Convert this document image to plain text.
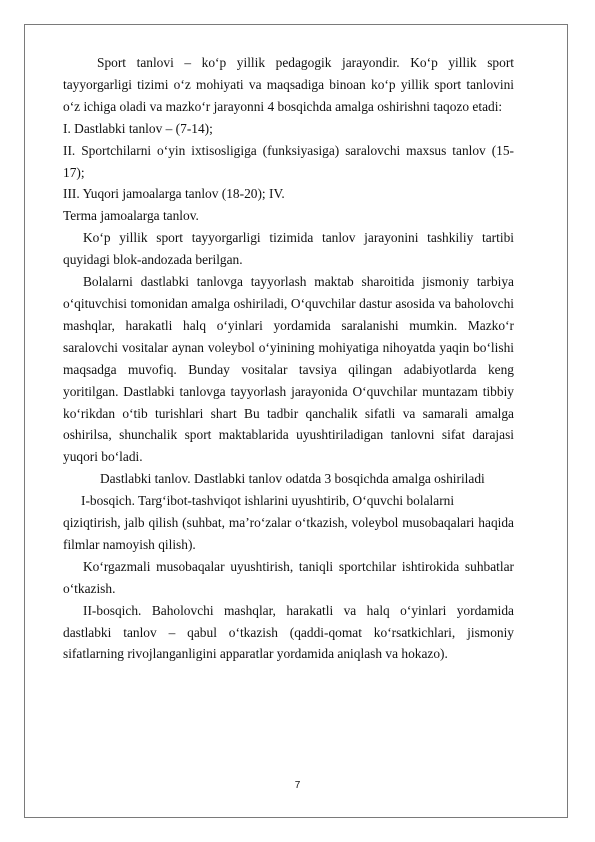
Sport tanlovi – ko‘p yillik pedagogik jarayondir. Ko‘p yillik sport tayyorgarligi tizimi o‘z mohiyati va maqsadiga binoan ko‘p yillik sport tanlovini o‘z ichiga oladi va mazko‘r jarayonni 4 bosqichda amalga oshirishni taqozo etadi:

I. Dastlabki tanlov – (7-14);

II. Sportchilarni o‘yin ixtisosligiga (funksiyasiga) saralovchi maxsus tanlov (15-17);

III. Yuqori jamoalarga tanlov (18-20); IV.

Terma jamoalarga tanlov.

Ko‘p yillik sport tayyorgarligi tizimida tanlov jarayonini tashkiliy tartibi quyidagi blok-andozada berilgan.

Bolalarni dastlabki tanlovga tayyorlash maktab sharoitida jismoniy tarbiya o‘qituvchisi tomonidan amalga oshiriladi, O‘quvchilar dastur asosida va baholovchi mashqlar, harakatli halq o‘yinlari yordamida saralanishi mumkin. Mazko‘r saralovchi vositalar aynan voleybol o‘yinining mohiyatiga nihoyatda yaqin bo‘lishi maqsadga muvofiq. Bunday vositalar tavsiya qilingan adabiyotlarda keng yoritilgan. Dastlabki tanlovga tayyorlash jarayonida O‘quvchilar muntazam tibbiy ko‘rikdan o‘tib turishlari shart Bu tadbir qanchalik sifatli va samarali amalga oshirilsa, shunchalik sport maktablarida uyushtiriladigan tanlovni sifat darajasi yuqori bo‘ladi.

Dastlabki tanlov. Dastlabki tanlov odatda 3 bosqichda amalga oshiriladi

I-bosqich. Targ‘ibot-tashviqot ishlarini uyushtirib, O‘quvchi bolalarni

qiziqtirish, jalb qilish (suhbat, ma’ro‘zalar o‘tkazish, voleybol musobaqalari haqida filmlar namoyish qilish).

Ko‘rgazmali musobaqalar uyushtirish, taniqli sportchilar ishtirokida suhbatlar o‘tkazish.

II-bosqich. Baholovchi mashqlar, harakatli va halq o‘yinlari yordamida dastlabki tanlov – qabul o‘tkazish (qaddi-qomat ko‘rsatkichlari, jismoniy sifatlarning rivojlanganligini apparatlar yordamida aniqlash va hokazo).

7
